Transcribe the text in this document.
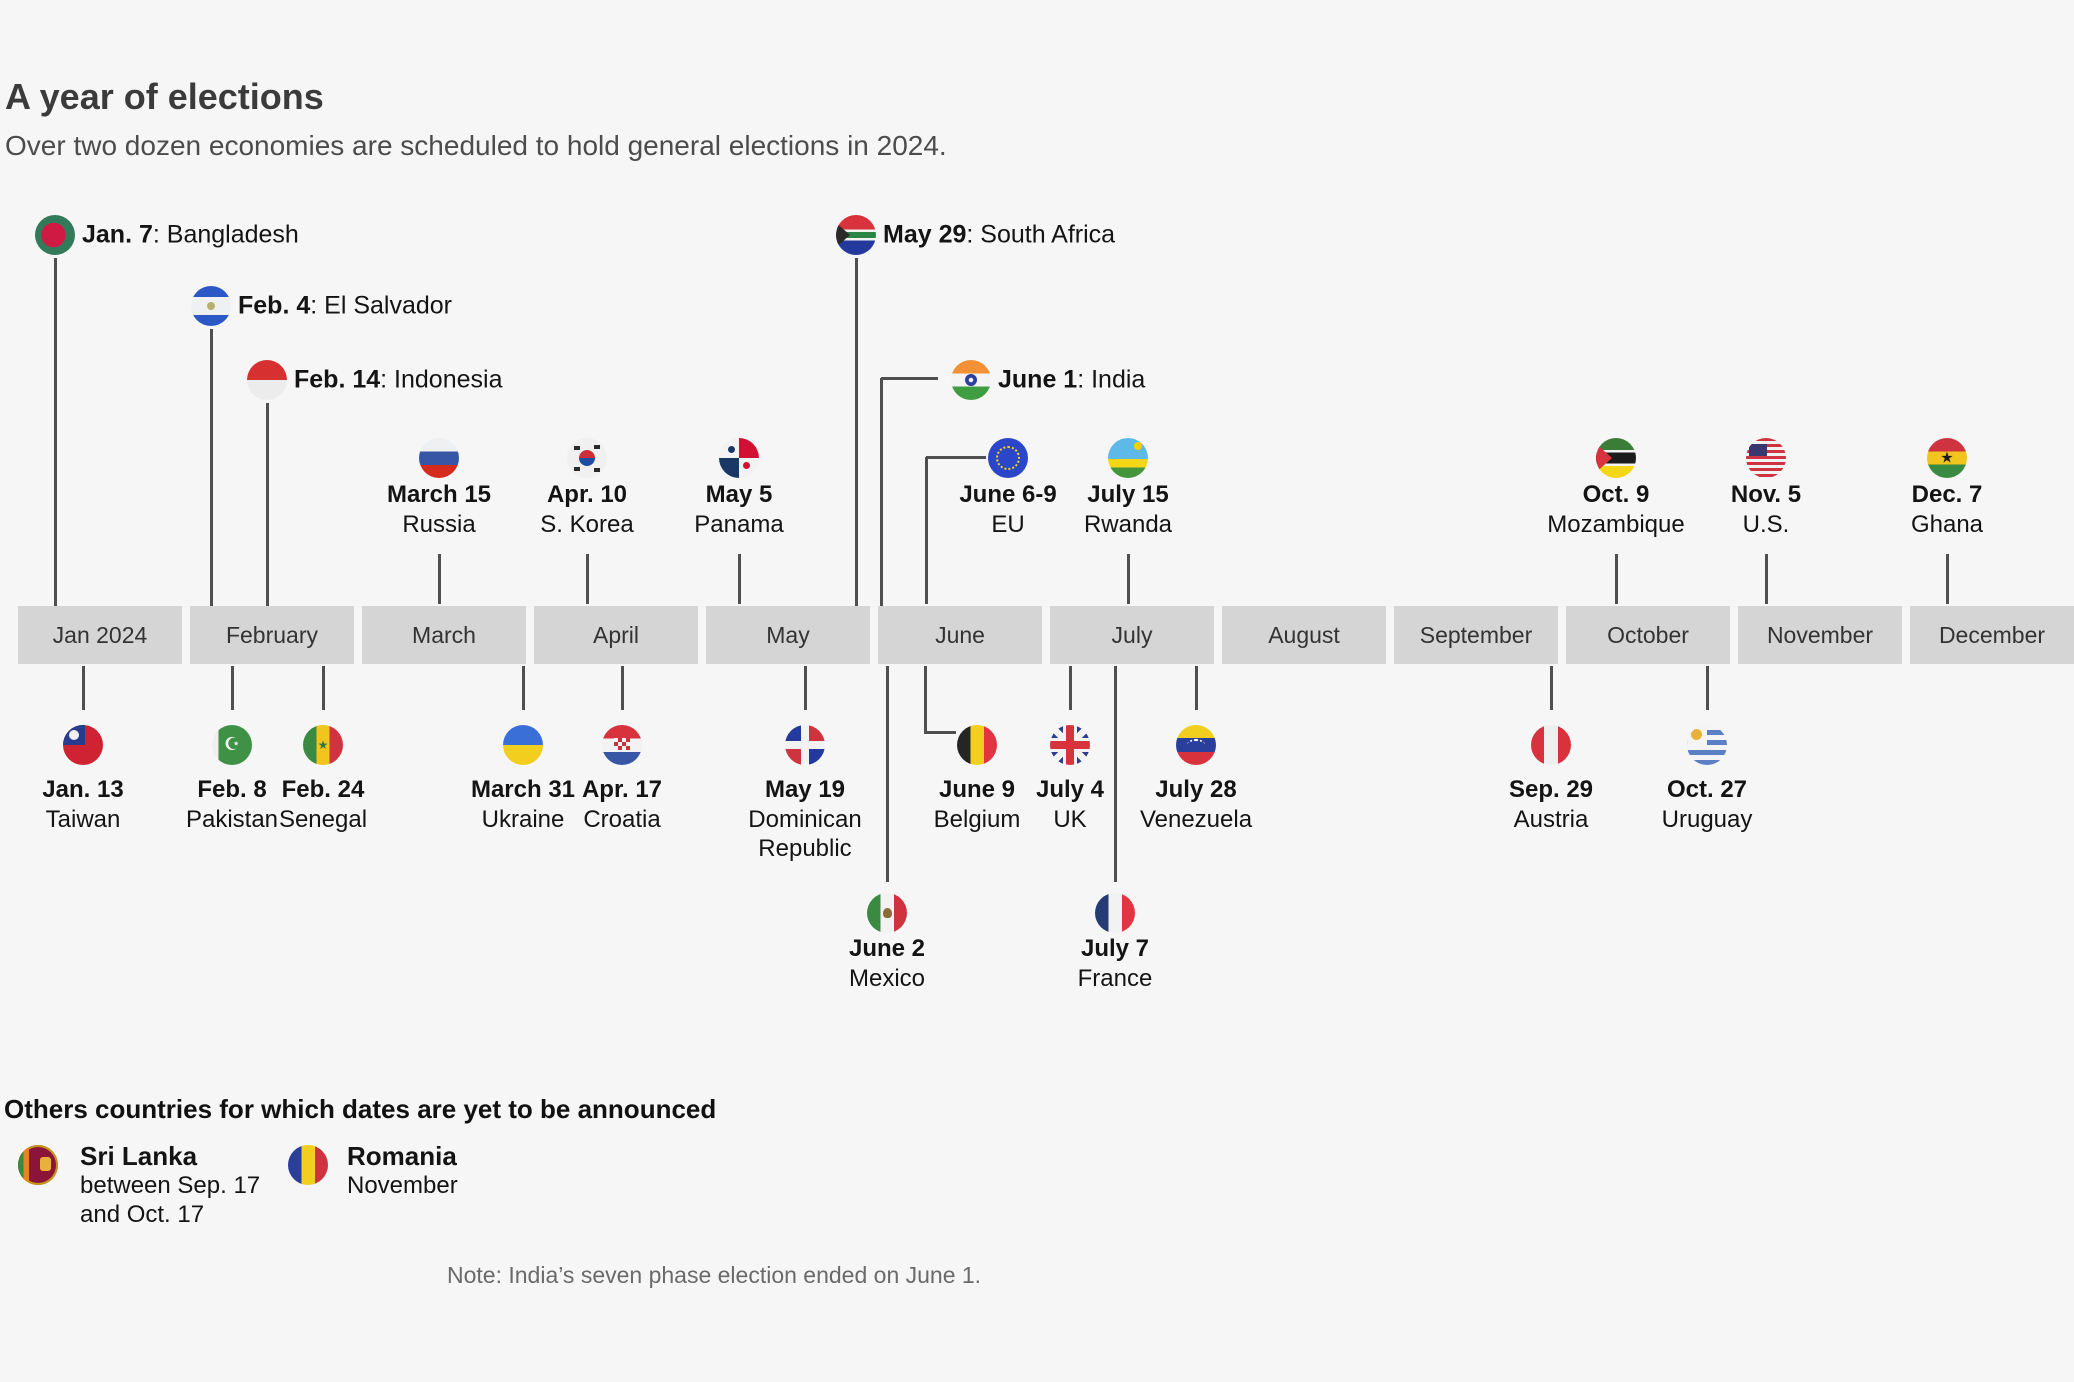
A year of elections
Over two dozen economies are scheduled to hold general elections in 2024.
Jan 2024	February	March	April	May	June	July	August	September	October	November	December
Jan. 7: Bangladesh
Feb. 4: El Salvador
Feb. 14: Indonesia
May 29: South Africa
June 1: India
March 15
Russia
Apr. 10
S. Korea
May 5
Panama
June 6-9
EU
July 15
Rwanda
Oct. 9
Mozambique
Nov. 5
U.S.
★
Dec. 7
Ghana
Jan. 13
Taiwan
☪
Feb. 8
Pakistan
★
Feb. 24
Senegal
March 31
Ukraine
Apr. 17
Croatia
May 19
Dominican Republic
June 9
Belgium
July 4
UK
July 28
Venezuela
Sep. 29
Austria
Oct. 27
Uruguay
June 2
Mexico
July 7
France
Others countries for which dates are yet to be announced
Sri Lanka
between Sep. 17
and Oct. 17
Romania
November
Note: India’s seven phase election ended on June 1.
